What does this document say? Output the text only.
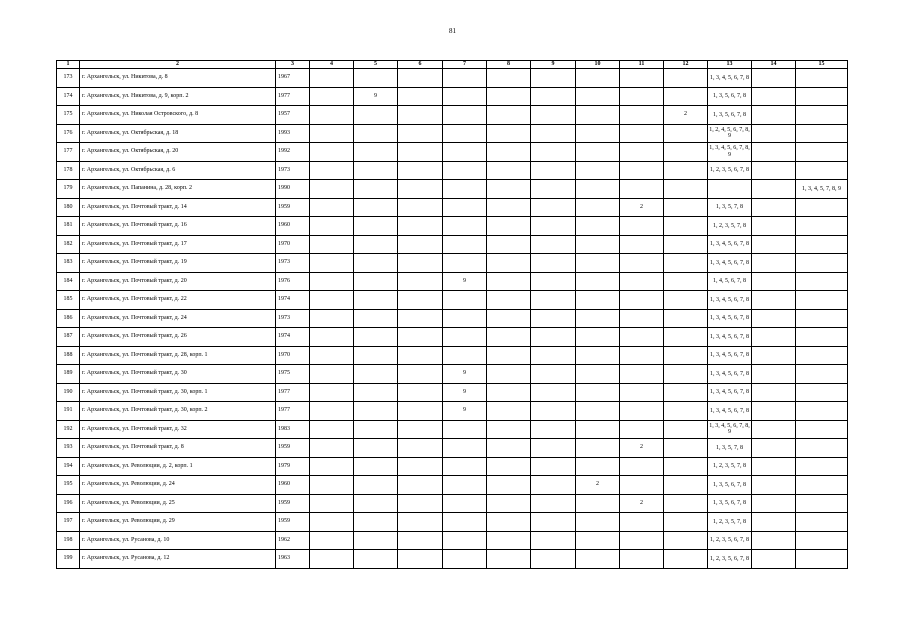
81
1	2	3	4	5	6	7	8	9	10	11	12	13	14	15
173	г. Архангельск, ул. Никитова, д. 8	1967										1, 3, 4, 5, 6, 7, 8		
174	г. Архангельск, ул. Никитова, д. 9, корп. 2	1977		9								1, 3, 5, 6, 7, 8		
175	г. Архангельск, ул. Николая Островского, д. 8	1957									2	1, 3, 5, 6, 7, 8		
176	г. Архангельск, ул. Октябрьская, д. 18	1993										1, 2, 4, 5, 6, 7, 8, 9		
177	г. Архангельск, ул. Октябрьская, д. 20	1992										1, 3, 4, 5, 6, 7, 8, 9		
178	г. Архангельск, ул. Октябрьская, д. 6	1973										1, 2, 3, 5, 6, 7, 8		
179	г. Архангельск, ул. Папанина, д. 28, корп. 2	1990												1, 3, 4, 5, 7, 8, 9
180	г. Архангельск, ул. Почтовый тракт, д. 14	1959								2		1, 3, 5, 7, 8		
181	г. Архангельск, ул. Почтовый тракт, д. 16	1960										1, 2, 3, 5, 7, 8		
182	г. Архангельск, ул. Почтовый тракт, д. 17	1970										1, 3, 4, 5, 6, 7, 8		
183	г. Архангельск, ул. Почтовый тракт, д. 19	1973										1, 3, 4, 5, 6, 7, 8		
184	г. Архангельск, ул. Почтовый тракт, д. 20	1976				9						1, 4, 5, 6, 7, 8		
185	г. Архангельск, ул. Почтовый тракт, д. 22	1974										1, 3, 4, 5, 6, 7, 8		
186	г. Архангельск, ул. Почтовый тракт, д. 24	1973										1, 3, 4, 5, 6, 7, 8		
187	г. Архангельск, ул. Почтовый тракт, д. 26	1974										1, 3, 4, 5, 6, 7, 8		
188	г. Архангельск, ул. Почтовый тракт, д. 28, корп. 1	1970										1, 3, 4, 5, 6, 7, 8		
189	г. Архангельск, ул. Почтовый тракт, д. 30	1975				9						1, 3, 4, 5, 6, 7, 8		
190	г. Архангельск, ул. Почтовый тракт, д. 30, корп. 1	1977				9						1, 3, 4, 5, 6, 7, 8		
191	г. Архангельск, ул. Почтовый тракт, д. 30, корп. 2	1977				9						1, 3, 4, 5, 6, 7, 8		
192	г. Архангельск, ул. Почтовый тракт, д. 32	1983										1, 3, 4, 5, 6, 7, 8, 9		
193	г. Архангельск, ул. Почтовый тракт, д. 8	1959								2		1, 3, 5, 7, 8		
194	г. Архангельск, ул. Революции, д. 2, корп. 1	1979										1, 2, 3, 5, 7, 8		
195	г. Архангельск, ул. Революции, д. 24	1960							2			1, 3, 5, 6, 7, 8		
196	г. Архангельск, ул. Революции, д. 25	1959								2		1, 3, 5, 6, 7, 8		
197	г. Архангельск, ул. Революции, д. 29	1959										1, 2, 3, 5, 7, 8		
198	г. Архангельск, ул. Русанова, д. 10	1962										1, 2, 3, 5, 6, 7, 8		
199	г. Архангельск, ул. Русанова, д. 12	1963										1, 2, 3, 5, 6, 7, 8		
